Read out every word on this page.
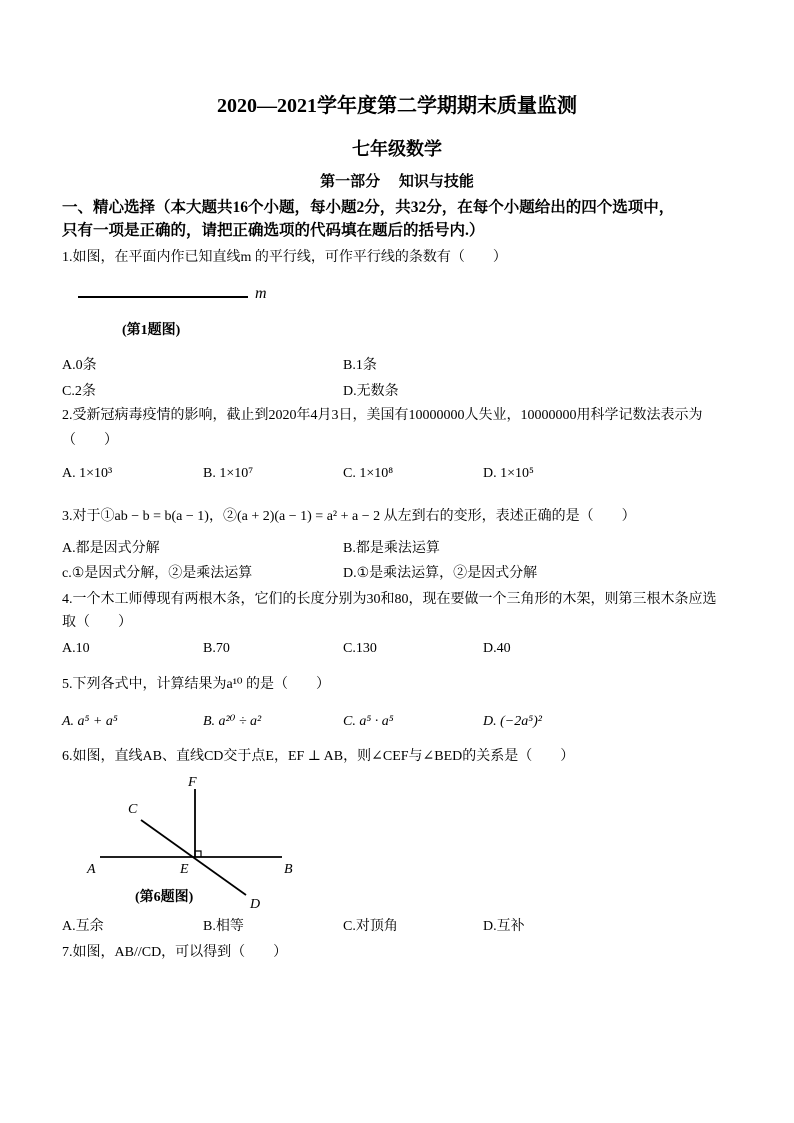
2020—2021学年度第二学期期末质量监测
七年级数学
第一部分　 知识与技能
一、精心选择（本大题共16个小题，每小题2分，共32分，在每个小题给出的四个选项中，
只有一项是正确的，请把正确选项的代码填在题后的括号内.）
1.如图，在平面内作已知直线m 的平行线，可作平行线的条数有（　　）
m
(第1题图)
A.0条	B.1条
C.2条	D.无数条
2.受新冠病毒疫情的影响，截止到2020年4月3日，美国有10000000人失业，10000000用科学记数法表示为
（　　）
A. 1×10³	B. 1×10⁷	C. 1×10⁸	D. 1×10⁵
3.对于①ab − b = b(a − 1)，②(a + 2)(a − 1) = a² + a − 2 从左到右的变形，表述正确的是（　　）
A.都是因式分解	B.都是乘法运算
c.①是因式分解，②是乘法运算	D.①是乘法运算，②是因式分解
4.一个木工师傅现有两根木条，它们的长度分别为30和80，现在要做一个三角形的木架，则第三根木条应选
取（　　）
A.10	B.70	C.130	D.40
5.下列各式中，计算结果为a¹⁰ 的是（　　）
A. a⁵ + a⁵	B. a²⁰ ÷ a²	C. a⁵ · a⁵	D. (−2a⁵)²
6.如图，直线AB、直线CD交于点E，EF ⊥ AB，则∠CEF与∠BED的关系是（　　）
F
C
A	E	B
D
(第6题图)
A.互余	B.相等	C.对顶角	D.互补
7.如图，AB//CD，可以得到（　　）
